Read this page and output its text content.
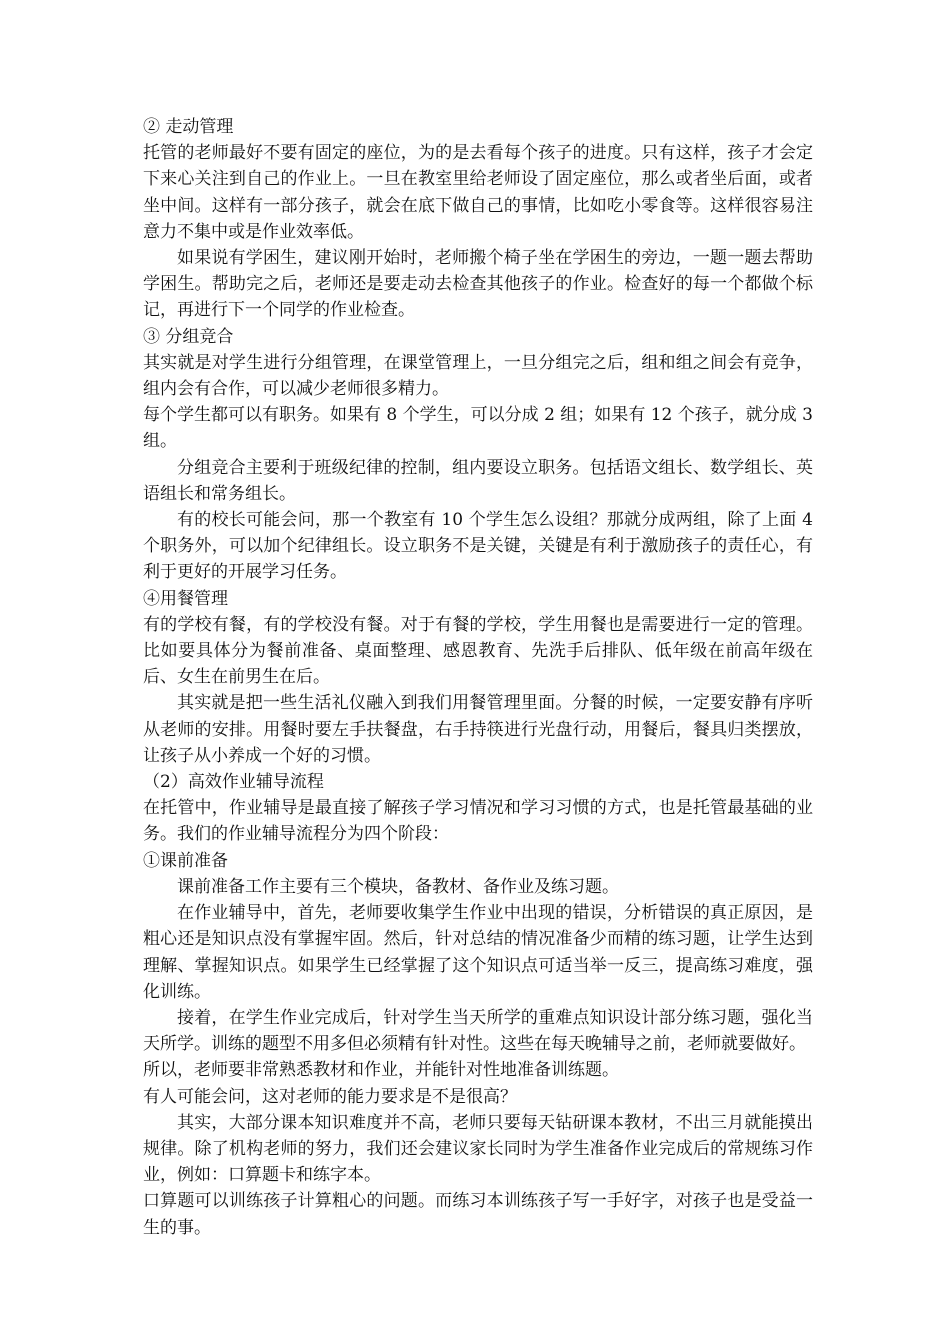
② 走动管理

托管的老师最好不要有固定的座位，为的是去看每个孩子的进度。只有这样，孩子才会定下来心关注到自己的作业上。一旦在教室里给老师设了固定座位，那么或者坐后面，或者坐中间。这样有一部分孩子，就会在底下做自己的事情，比如吃小零食等。这样很容易注意力不集中或是作业效率低。

如果说有学困生，建议刚开始时，老师搬个椅子坐在学困生的旁边，一题一题去帮助学困生。帮助完之后，老师还是要走动去检查其他孩子的作业。检查好的每一个都做个标记，再进行下一个同学的作业检查。

③ 分组竞合

其实就是对学生进行分组管理，在课堂管理上，一旦分组完之后，组和组之间会有竞争，组内会有合作，可以减少老师很多精力。

每个学生都可以有职务。如果有 8 个学生，可以分成 2 组；如果有 12 个孩子，就分成 3 组。

分组竞合主要利于班级纪律的控制，组内要设立职务。包括语文组长、数学组长、英语组长和常务组长。

有的校长可能会问，那一个教室有 10 个学生怎么设组？那就分成两组，除了上面 4 个职务外，可以加个纪律组长。设立职务不是关键，关键是有利于激励孩子的责任心，有利于更好的开展学习任务。

④用餐管理

有的学校有餐，有的学校没有餐。对于有餐的学校，学生用餐也是需要进行一定的管理。比如要具体分为餐前准备、桌面整理、感恩教育、先洗手后排队、低年级在前高年级在后、女生在前男生在后。

其实就是把一些生活礼仪融入到我们用餐管理里面。分餐的时候，一定要安静有序听从老师的安排。用餐时要左手扶餐盘，右手持筷进行光盘行动，用餐后，餐具归类摆放，让孩子从小养成一个好的习惯。

（2）高效作业辅导流程

在托管中，作业辅导是最直接了解孩子学习情况和学习习惯的方式，也是托管最基础的业务。我们的作业辅导流程分为四个阶段：

①课前准备

课前准备工作主要有三个模块，备教材、备作业及练习题。

在作业辅导中，首先，老师要收集学生作业中出现的错误，分析错误的真正原因，是粗心还是知识点没有掌握牢固。然后，针对总结的情况准备少而精的练习题，让学生达到理解、掌握知识点。如果学生已经掌握了这个知识点可适当举一反三，提高练习难度，强化训练。

接着，在学生作业完成后，针对学生当天所学的重难点知识设计部分练习题，强化当天所学。训练的题型不用多但必须精有针对性。这些在每天晚辅导之前，老师就要做好。

所以，老师要非常熟悉教材和作业，并能针对性地准备训练题。

有人可能会问，这对老师的能力要求是不是很高？

其实，大部分课本知识难度并不高，老师只要每天钻研课本教材，不出三月就能摸出规律。除了机构老师的努力，我们还会建议家长同时为学生准备作业完成后的常规练习作业，例如：口算题卡和练字本。

口算题可以训练孩子计算粗心的问题。而练习本训练孩子写一手好字，对孩子也是受益一生的事。
